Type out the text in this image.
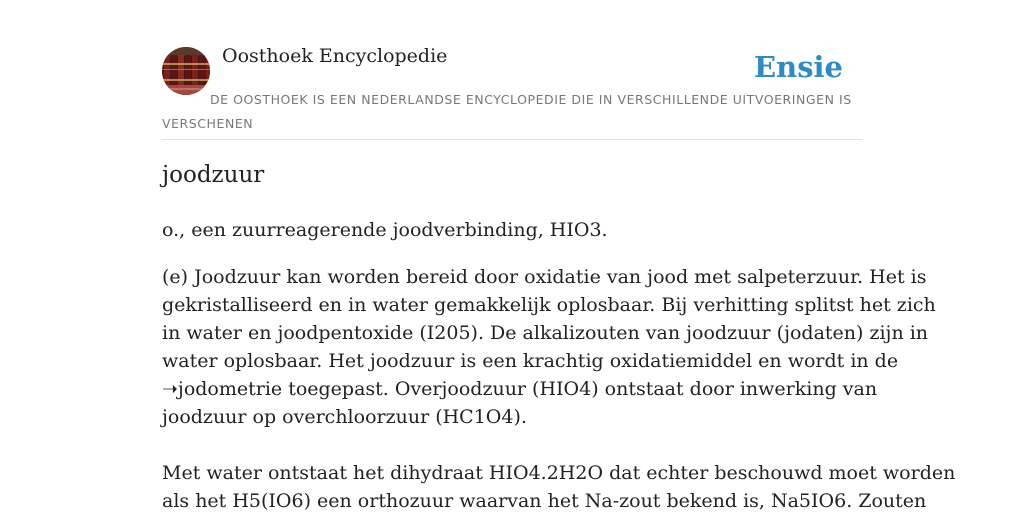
Oosthoek Encyclopedie	Ensie

DE OOSTHOEK IS EEN NEDERLANDSE ENCYCLOPEDIE DIE IN VERSCHILLENDE UITVOERINGEN IS VERSCHENEN

joodzuur

o., een zuurreagerende joodverbinding, HIO3.

(e) Joodzuur kan worden bereid door oxidatie van jood met salpeterzuur. Het is
gekristalliseerd en in water gemakkelijk oplosbaar. Bij verhitting splitst het zich
in water en joodpentoxide (I205). De alkalizouten van joodzuur (jodaten) zijn in
water oplosbaar. Het joodzuur is een krachtig oxidatiemiddel en wordt in de
➝jodometrie toegepast. Overjoodzuur (HIO4) ontstaat door inwerking van
joodzuur op overchloorzuur (HC1O4).
Met water ontstaat het dihydraat HIO4.2H2O dat echter beschouwd moet worden
als het H5(IO6) een orthozuur waarvan het Na-zout bekend is, Na5IO6. Zouten
